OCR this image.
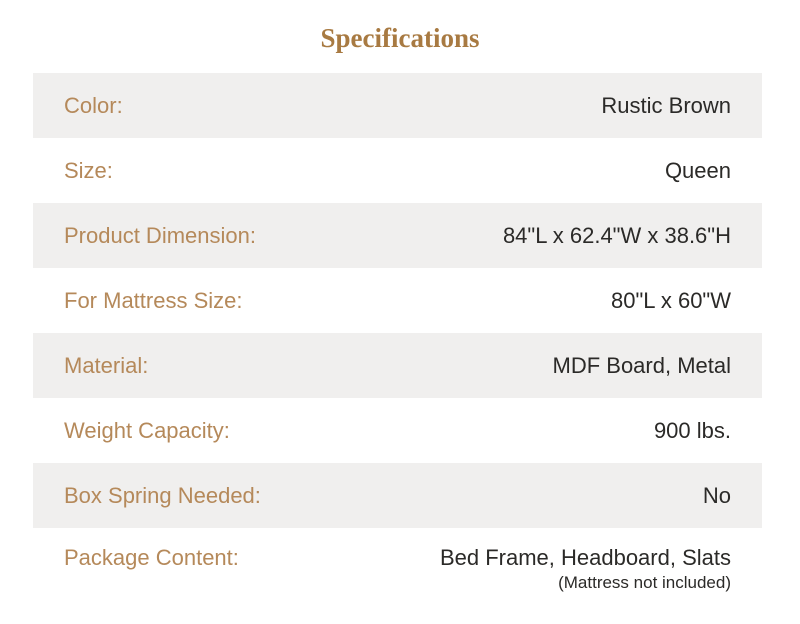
Specifications
Color:	Rustic Brown
Size:	Queen
Product Dimension:	84"L x 62.4"W x 38.6"H
For Mattress Size:	80"L x 60"W
Material:	MDF Board, Metal
Weight Capacity:	900 lbs.
Box Spring Needed:	No
Package Content:	Bed Frame, Headboard, Slats
(Mattress not included)
